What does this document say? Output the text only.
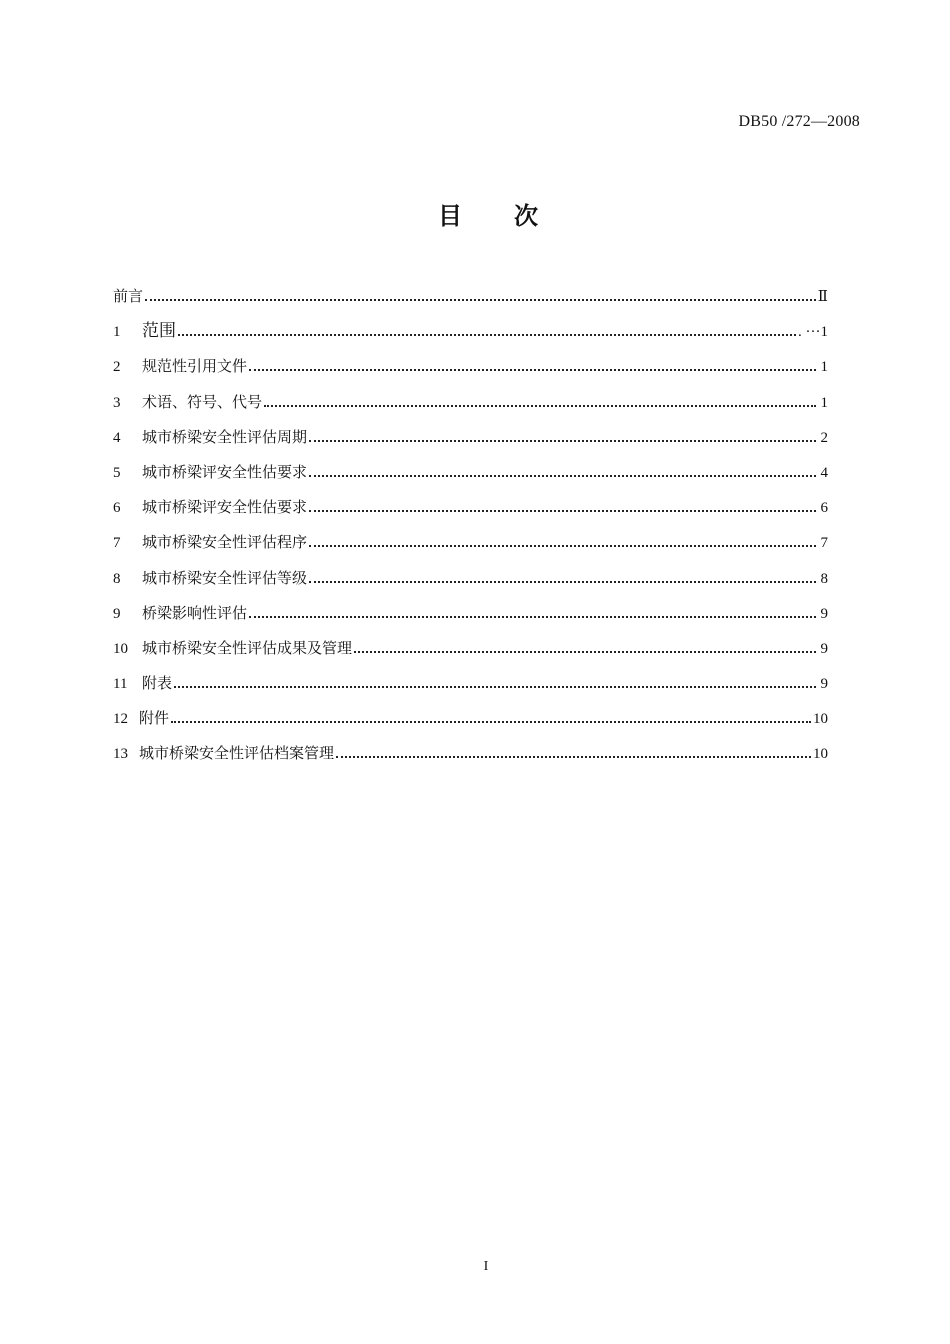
DB50 /272—2008
目 次
前言	Ⅱ
1	范围	. ···1
2	规范性引用文件	1
3	术语、符号、代号	1
4	城市桥梁安全性评估周期	2
5	城市桥梁评安全性估要求	4
6	城市桥梁评安全性估要求	6
7	城市桥梁安全性评估程序	7
8	城市桥梁安全性评估等级	8
9	桥梁影响性评估	9
10 城市桥梁安全性评估成果及管理	9
11 附表	9
12 附件	10
13 城市桥梁安全性评估档案管理	10
I
